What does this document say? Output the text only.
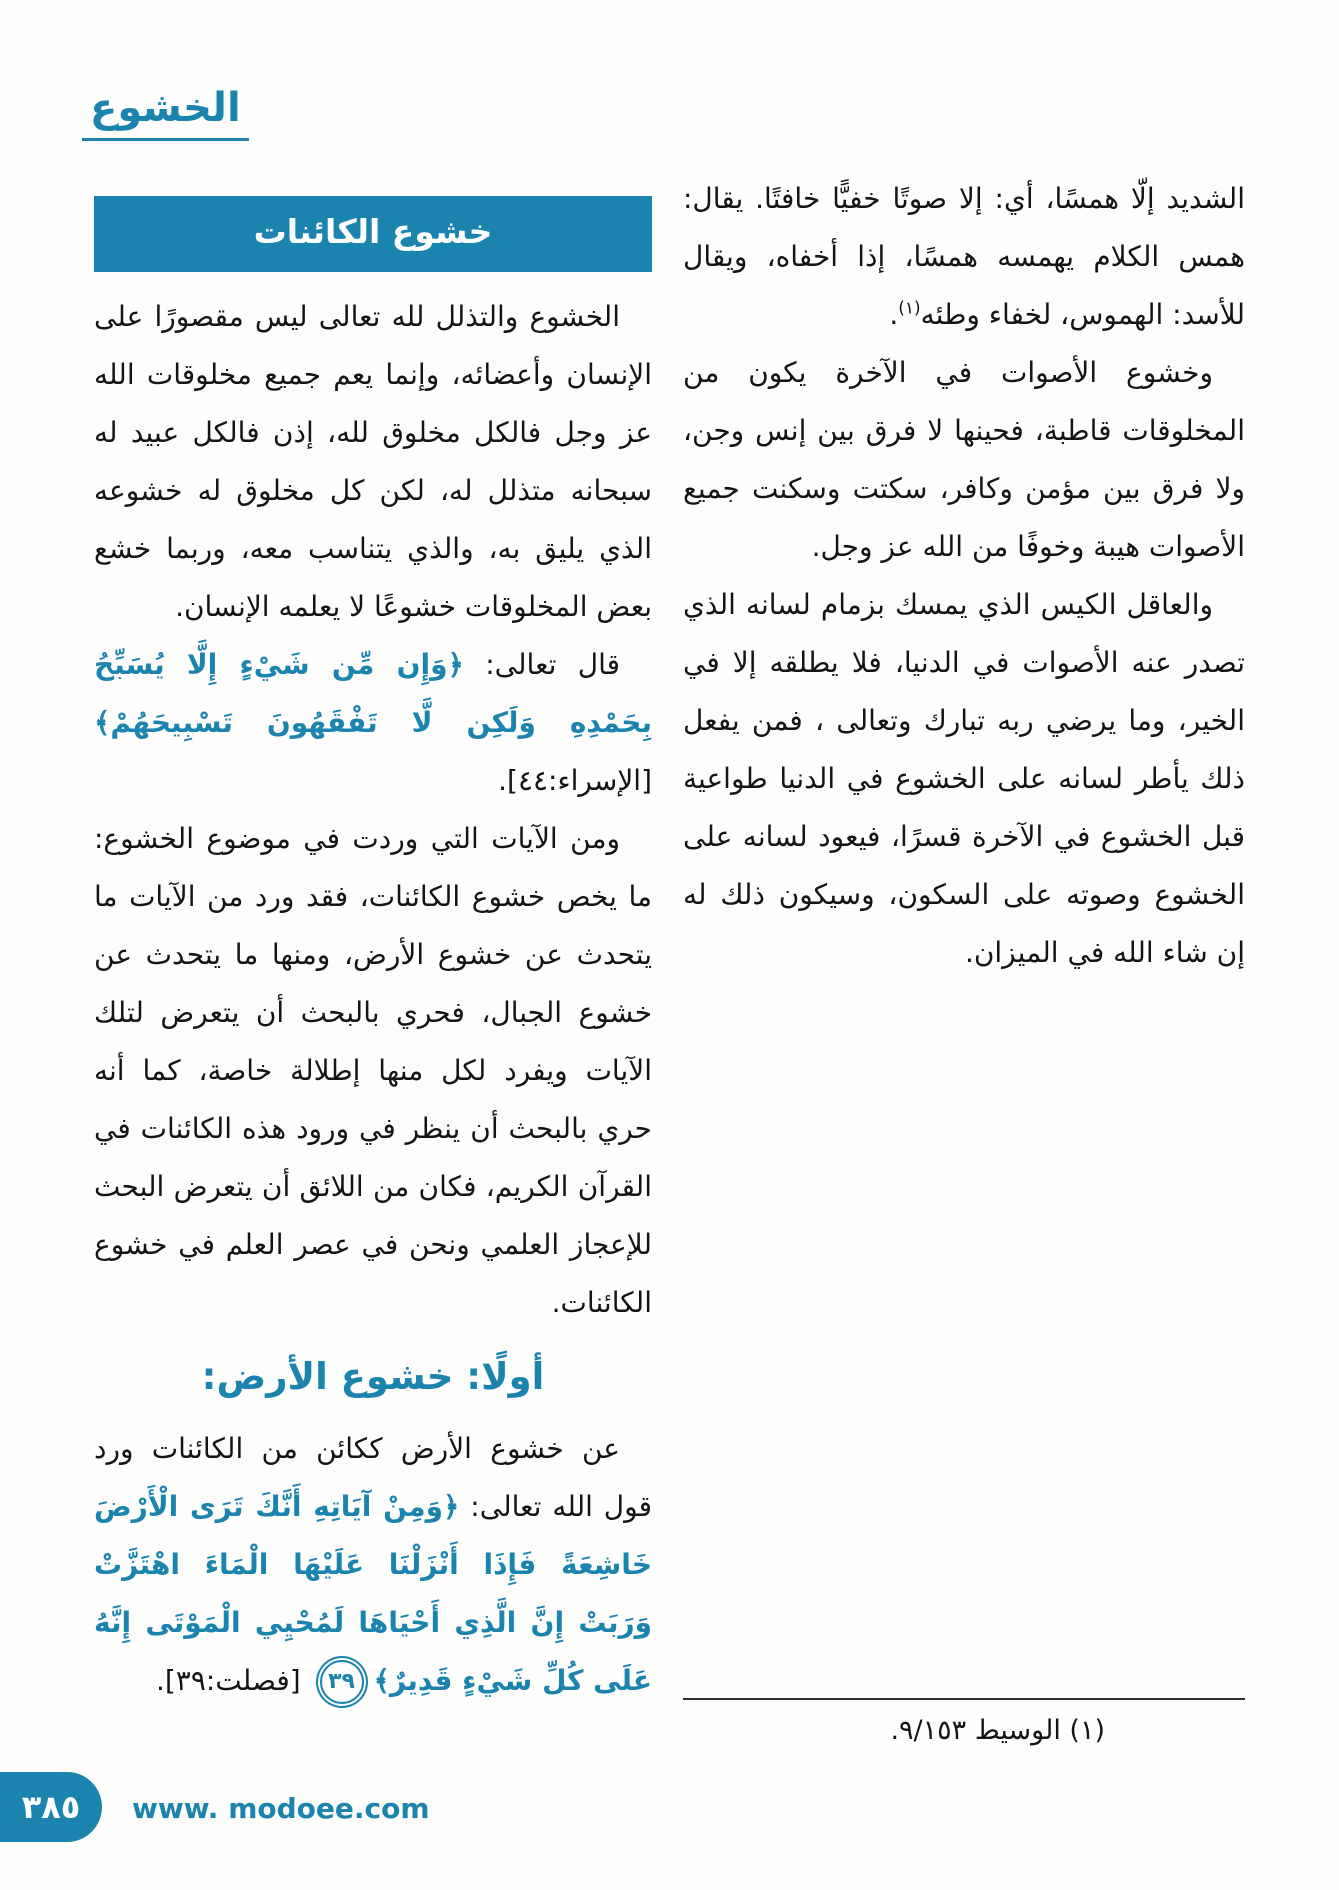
الخشوع

الشديد إلّا همسًا، أي: إلا صوتًا خفيًّا خافتًا. يقال: همس الكلام يهمسه همسًا، إذا أخفاه، ويقال للأسد: الهموس، لخفاء وطئه$^{(١)}$.

وخشوع الأصوات في الآخرة يكون من المخلوقات قاطبة، فحينها لا فرق بين إنس وجن، ولا فرق بين مؤمن وكافر، سكتت وسكنت جميع الأصوات هيبة وخوفًا من الله عز وجل.

والعاقل الكيس الذي يمسك بزمام لسانه الذي تصدر عنه الأصوات في الدنيا، فلا يطلقه إلا في الخير، وما يرضي ربه تبارك وتعالى ، فمن يفعل ذلك يأطر لسانه على الخشوع في الدنيا طواعية قبل الخشوع في الآخرة قسرًا، فيعود لسانه على الخشوع وصوته على السكون، وسيكون ذلك له إن شاء الله في الميزان.

خشوع الكائنات

الخشوع والتذلل لله تعالى ليس مقصورًا على الإنسان وأعضائه، وإنما يعم جميع مخلوقات الله عز وجل فالكل مخلوق لله، إذن فالكل عبيد له سبحانه متذلل له، لكن كل مخلوق له خشوعه الذي يليق به، والذي يتناسب معه، وربما خشع بعض المخلوقات خشوعًا لا يعلمه الإنسان.

قال تعالى: ﴿وَإِن مِّن شَيْءٍ إِلَّا يُسَبِّحُ بِحَمْدِهِ وَلَكِن لَّا تَفْقَهُونَ تَسْبِيحَهُمْ﴾ [الإسراء:٤٤].

ومن الآيات التي وردت في موضوع الخشوع: ما يخص خشوع الكائنات، فقد ورد من الآيات ما يتحدث عن خشوع الأرض، ومنها ما يتحدث عن خشوع الجبال، فحري بالبحث أن يتعرض لتلك الآيات ويفرد لكل منها إطلالة خاصة، كما أنه حري بالبحث أن ينظر في ورود هذه الكائنات في القرآن الكريم، فكان من اللائق أن يتعرض البحث للإعجاز العلمي ونحن في عصر العلم في خشوع الكائنات.

أولًا: خشوع الأرض:

عن خشوع الأرض ككائن من الكائنات ورد قول الله تعالى: ﴿وَمِنْ آيَاتِهِ أَنَّكَ تَرَى الْأَرْضَ خَاشِعَةً فَإِذَا أَنْزَلْنَا عَلَيْهَا الْمَاءَ اهْتَزَّتْ وَرَبَتْ إِنَّ الَّذِي أَحْيَاهَا لَمُحْيِي الْمَوْتَى إِنَّهُ عَلَى كُلِّ شَيْءٍ قَدِيرٌ﴾٣٩ [فصلت:٣٩].

(١) الوسيط ٩/١٥٣.

٣٨٥ www. modoee.com
